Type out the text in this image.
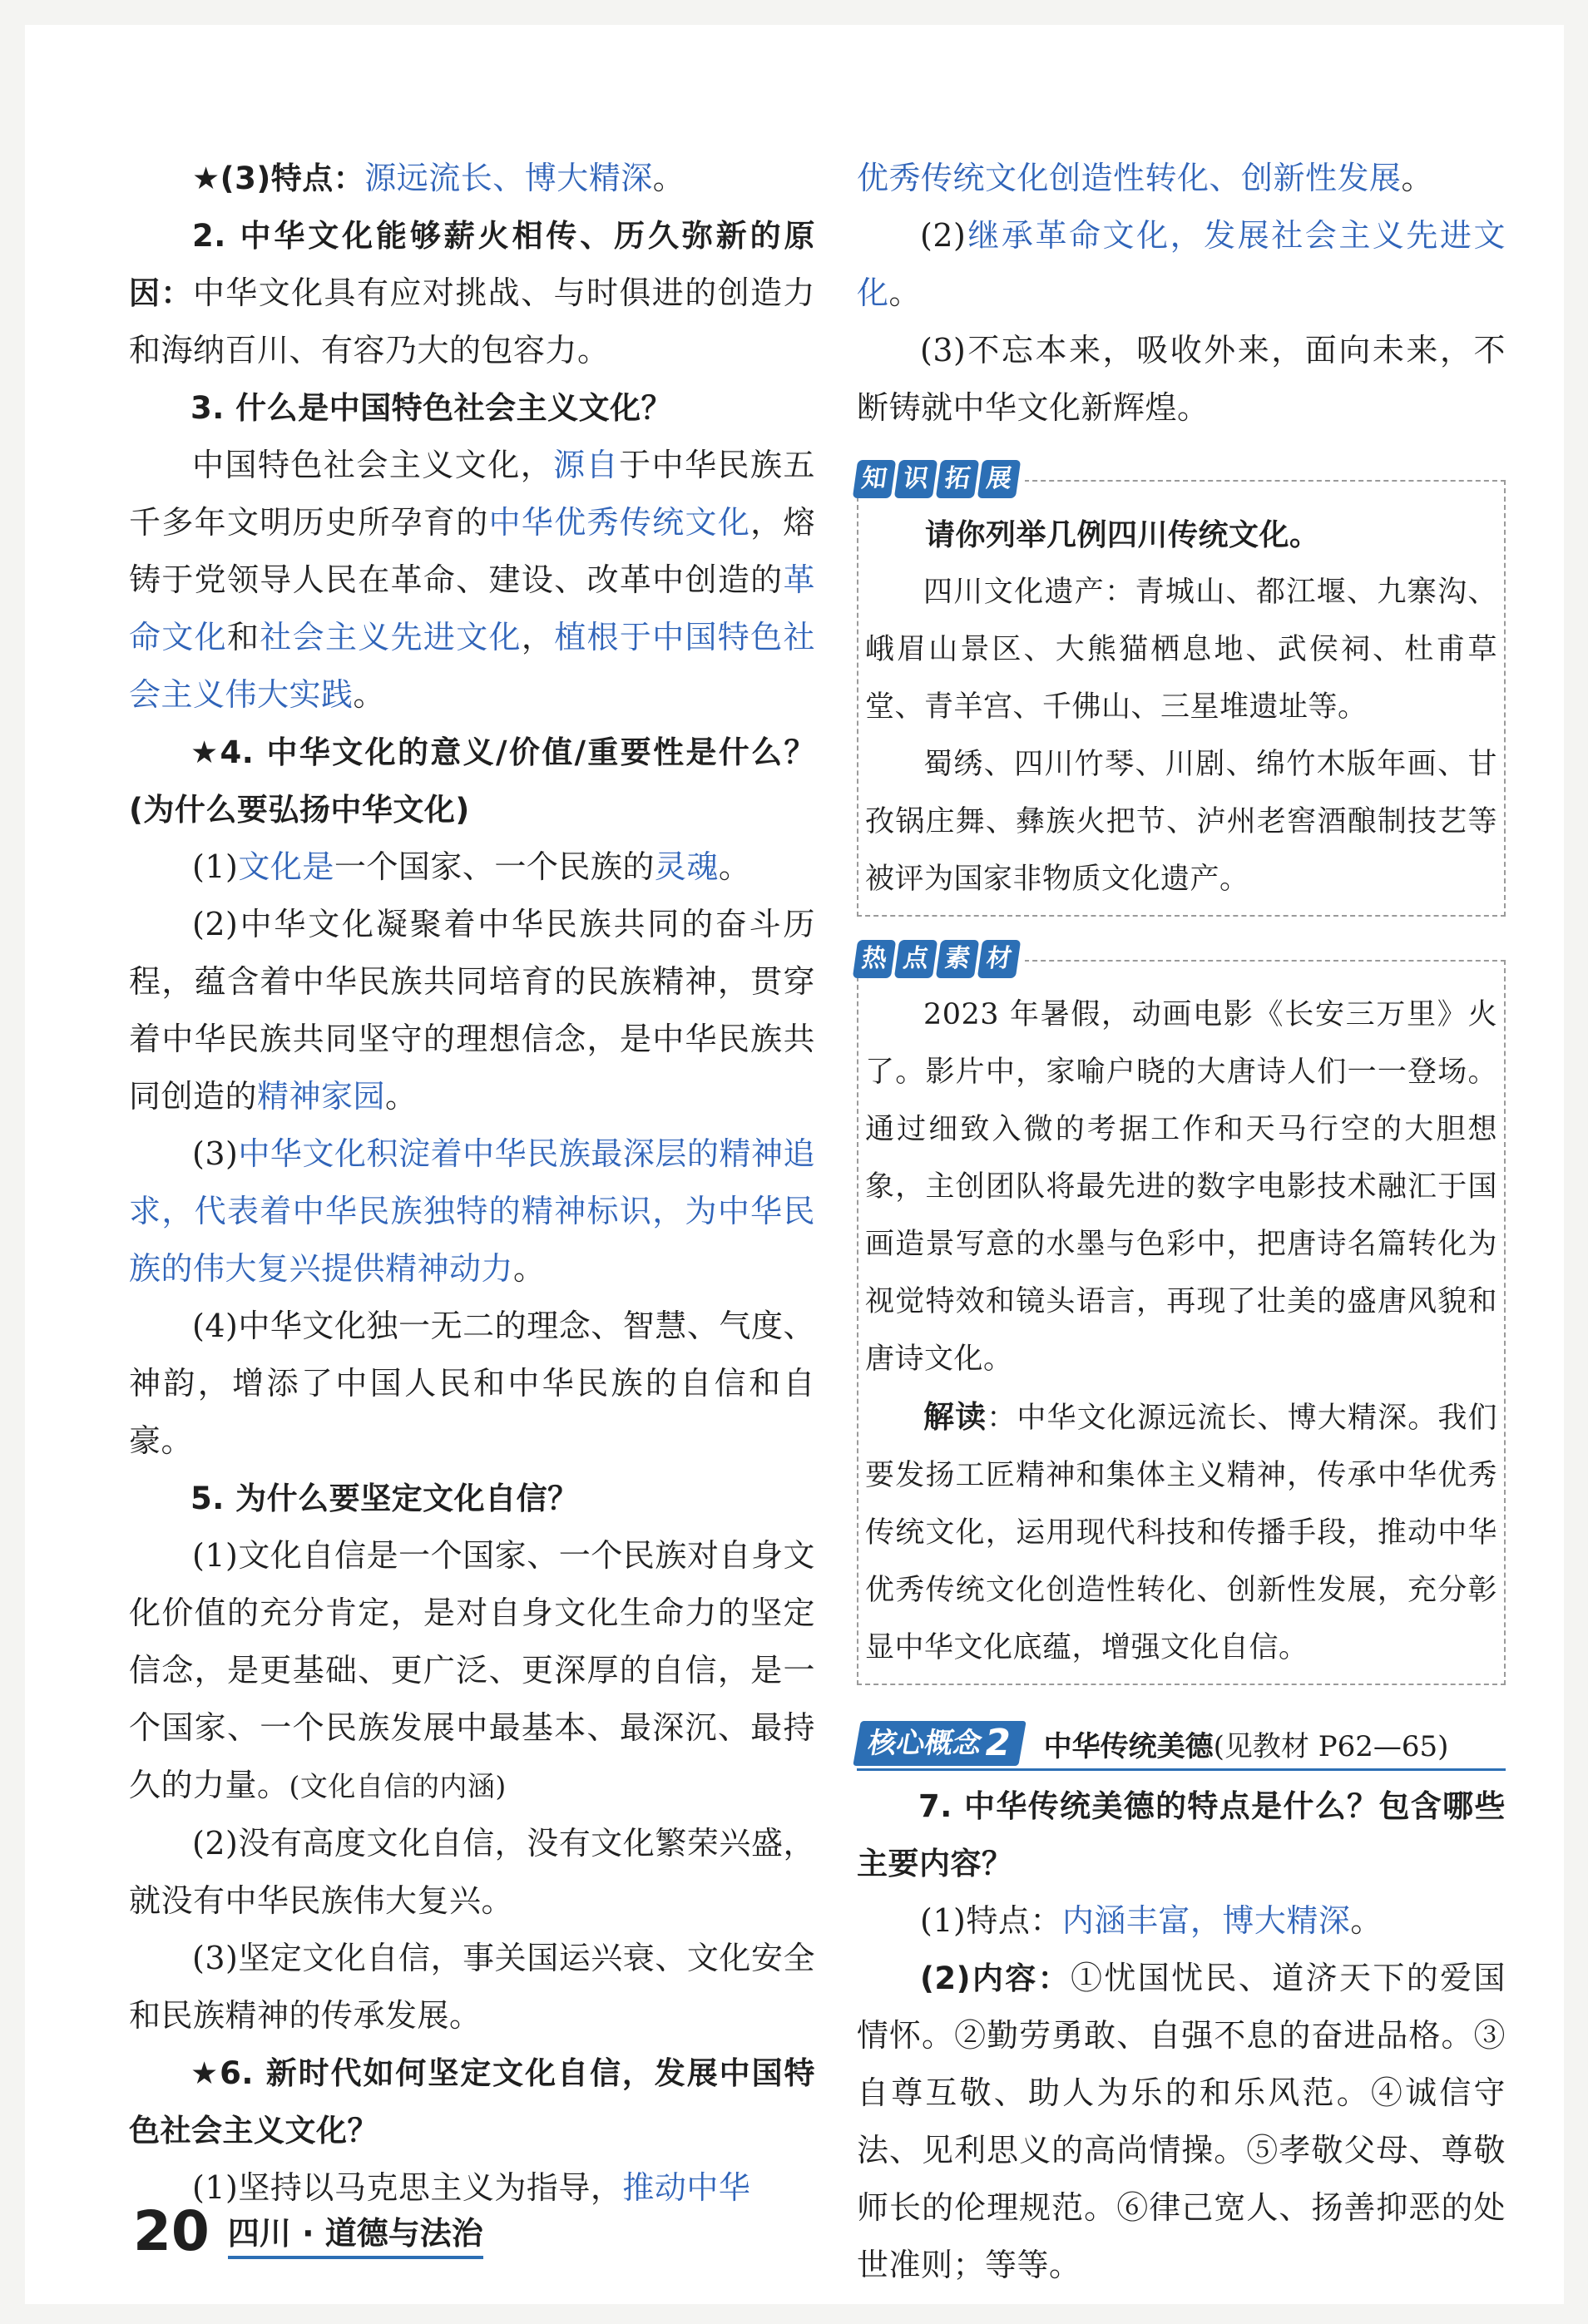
★(3)特点：源远流长、博大精深。

2. 中华文化能够薪火相传、历久弥新的原因：中华文化具有应对挑战、与时俱进的创造力和海纳百川、有容乃大的包容力。

3. 什么是中国特色社会主义文化？

中国特色社会主义文化，源自于中华民族五千多年文明历史所孕育的中华优秀传统文化，熔铸于党领导人民在革命、建设、改革中创造的革命文化和社会主义先进文化，植根于中国特色社会主义伟大实践。

★4. 中华文化的意义/价值/重要性是什么？(为什么要弘扬中华文化)

(1)文化是一个国家、一个民族的灵魂。

(2)中华文化凝聚着中华民族共同的奋斗历程，蕴含着中华民族共同培育的民族精神，贯穿着中华民族共同坚守的理想信念，是中华民族共同创造的精神家园。

(3)中华文化积淀着中华民族最深层的精神追求，代表着中华民族独特的精神标识，为中华民族的伟大复兴提供精神动力。

(4)中华文化独一无二的理念、智慧、气度、神韵，增添了中国人民和中华民族的自信和自豪。

5. 为什么要坚定文化自信？

(1)文化自信是一个国家、一个民族对自身文化价值的充分肯定，是对自身文化生命力的坚定信念，是更基础、更广泛、更深厚的自信，是一个国家、一个民族发展中最基本、最深沉、最持久的力量。(文化自信的内涵)

(2)没有高度文化自信，没有文化繁荣兴盛，就没有中华民族伟大复兴。

(3)坚定文化自信，事关国运兴衰、文化安全和民族精神的传承发展。

★6. 新时代如何坚定文化自信，发展中国特色社会主义文化？

(1)坚持以马克思主义为指导，推动中华

优秀传统文化创造性转化、创新性发展。

(2)继承革命文化，发展社会主义先进文化。

(3)不忘本来，吸收外来，面向未来，不断铸就中华文化新辉煌。

知 识 拓 展

请你列举几例四川传统文化。

四川文化遗产：青城山、都江堰、九寨沟、峨眉山景区、大熊猫栖息地、武侯祠、杜甫草堂、青羊宫、千佛山、三星堆遗址等。

蜀绣、四川竹琴、川剧、绵竹木版年画、甘孜锅庄舞、彝族火把节、泸州老窖酒酿制技艺等被评为国家非物质文化遗产。

热 点 素 材

2023 年暑假，动画电影《长安三万里》火了。影片中，家喻户晓的大唐诗人们一一登场。通过细致入微的考据工作和天马行空的大胆想象，主创团队将最先进的数字电影技术融汇于国画造景写意的水墨与色彩中，把唐诗名篇转化为视觉特效和镜头语言，再现了壮美的盛唐风貌和唐诗文化。

解读：中华文化源远流长、博大精深。我们要发扬工匠精神和集体主义精神，传承中华优秀传统文化，运用现代科技和传播手段，推动中华优秀传统文化创造性转化、创新性发展，充分彰显中华文化底蕴，增强文化自信。

核心概念
2 中华传统美德(见教材 P62—65)

7. 中华传统美德的特点是什么？包含哪些主要内容？

(1)特点：内涵丰富，博大精深。

(2)内容：①忧国忧民、道济天下的爱国情怀。②勤劳勇敢、自强不息的奋进品格。③自尊互敬、助人为乐的和乐风范。④诚信守法、见利思义的高尚情操。⑤孝敬父母、尊敬师长的伦理规范。⑥律己宽人、扬善抑恶的处世准则；等等。

20 四川 · 道德与法治
